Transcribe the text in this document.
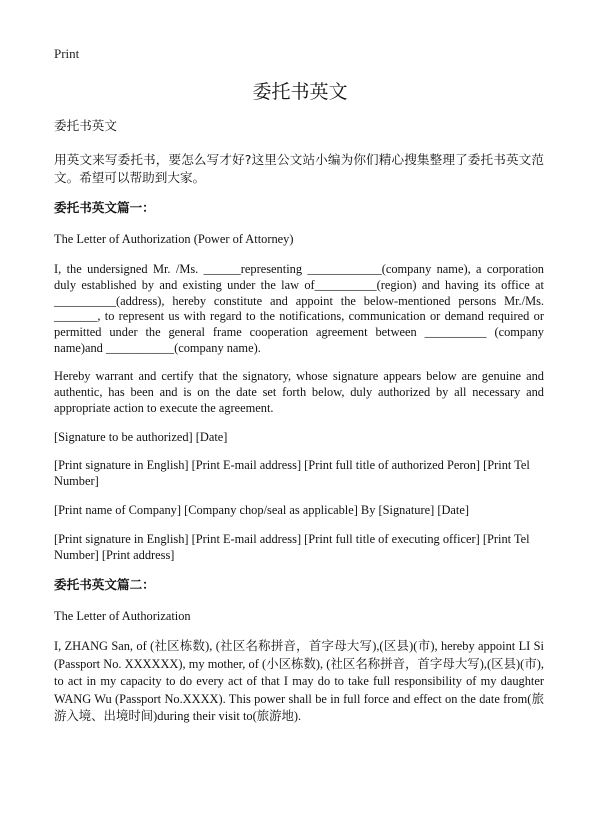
Print
委托书英文

委托书英文

用英文来写委托书，要怎么写才好?这里公文站小编为你们精心搜集整理了委托书英文范文。希望可以帮助到大家。

委托书英文篇一：

The Letter of Authorization (Power of Attorney)

I, the undersigned Mr. /Ms. ______representing ____________(company name), a corporation duly established by and existing under the law of__________(region) and having its office at __________(address), hereby constitute and appoint the below-mentioned persons Mr./Ms. _______, to represent us with regard to the notifications, communication or demand required or permitted under the general frame cooperation agreement between __________ (company name)and ___________(company name).

Hereby warrant and certify that the signatory, whose signature appears below are genuine and authentic, has been and is on the date set forth below, duly authorized by all necessary and appropriate action to execute the agreement.

[Signature to be authorized] [Date]

[Print signature in English] [Print E-mail address] [Print full title of authorized Peron] [Print Tel Number]

[Print name of Company] [Company chop/seal as applicable] By [Signature] [Date]

[Print signature in English] [Print E-mail address] [Print full title of executing officer] [Print Tel Number] [Print address]

委托书英文篇二：

The Letter of Authorization

I, ZHANG San, of (社区栋数), (社区名称拼音，首字母大写),(区县)(市), hereby appoint LI Si (Passport No. XXXXXX), my mother, of (小区栋数), (社区名称拼音，首字母大写),(区县)(市), to act in my capacity to do every act of that I may do to take full responsibility of my daughter WANG Wu (Passport No.XXXX). This power shall be in full force and effect on the date from(旅游入境、出境时间)during their visit to(旅游地).
